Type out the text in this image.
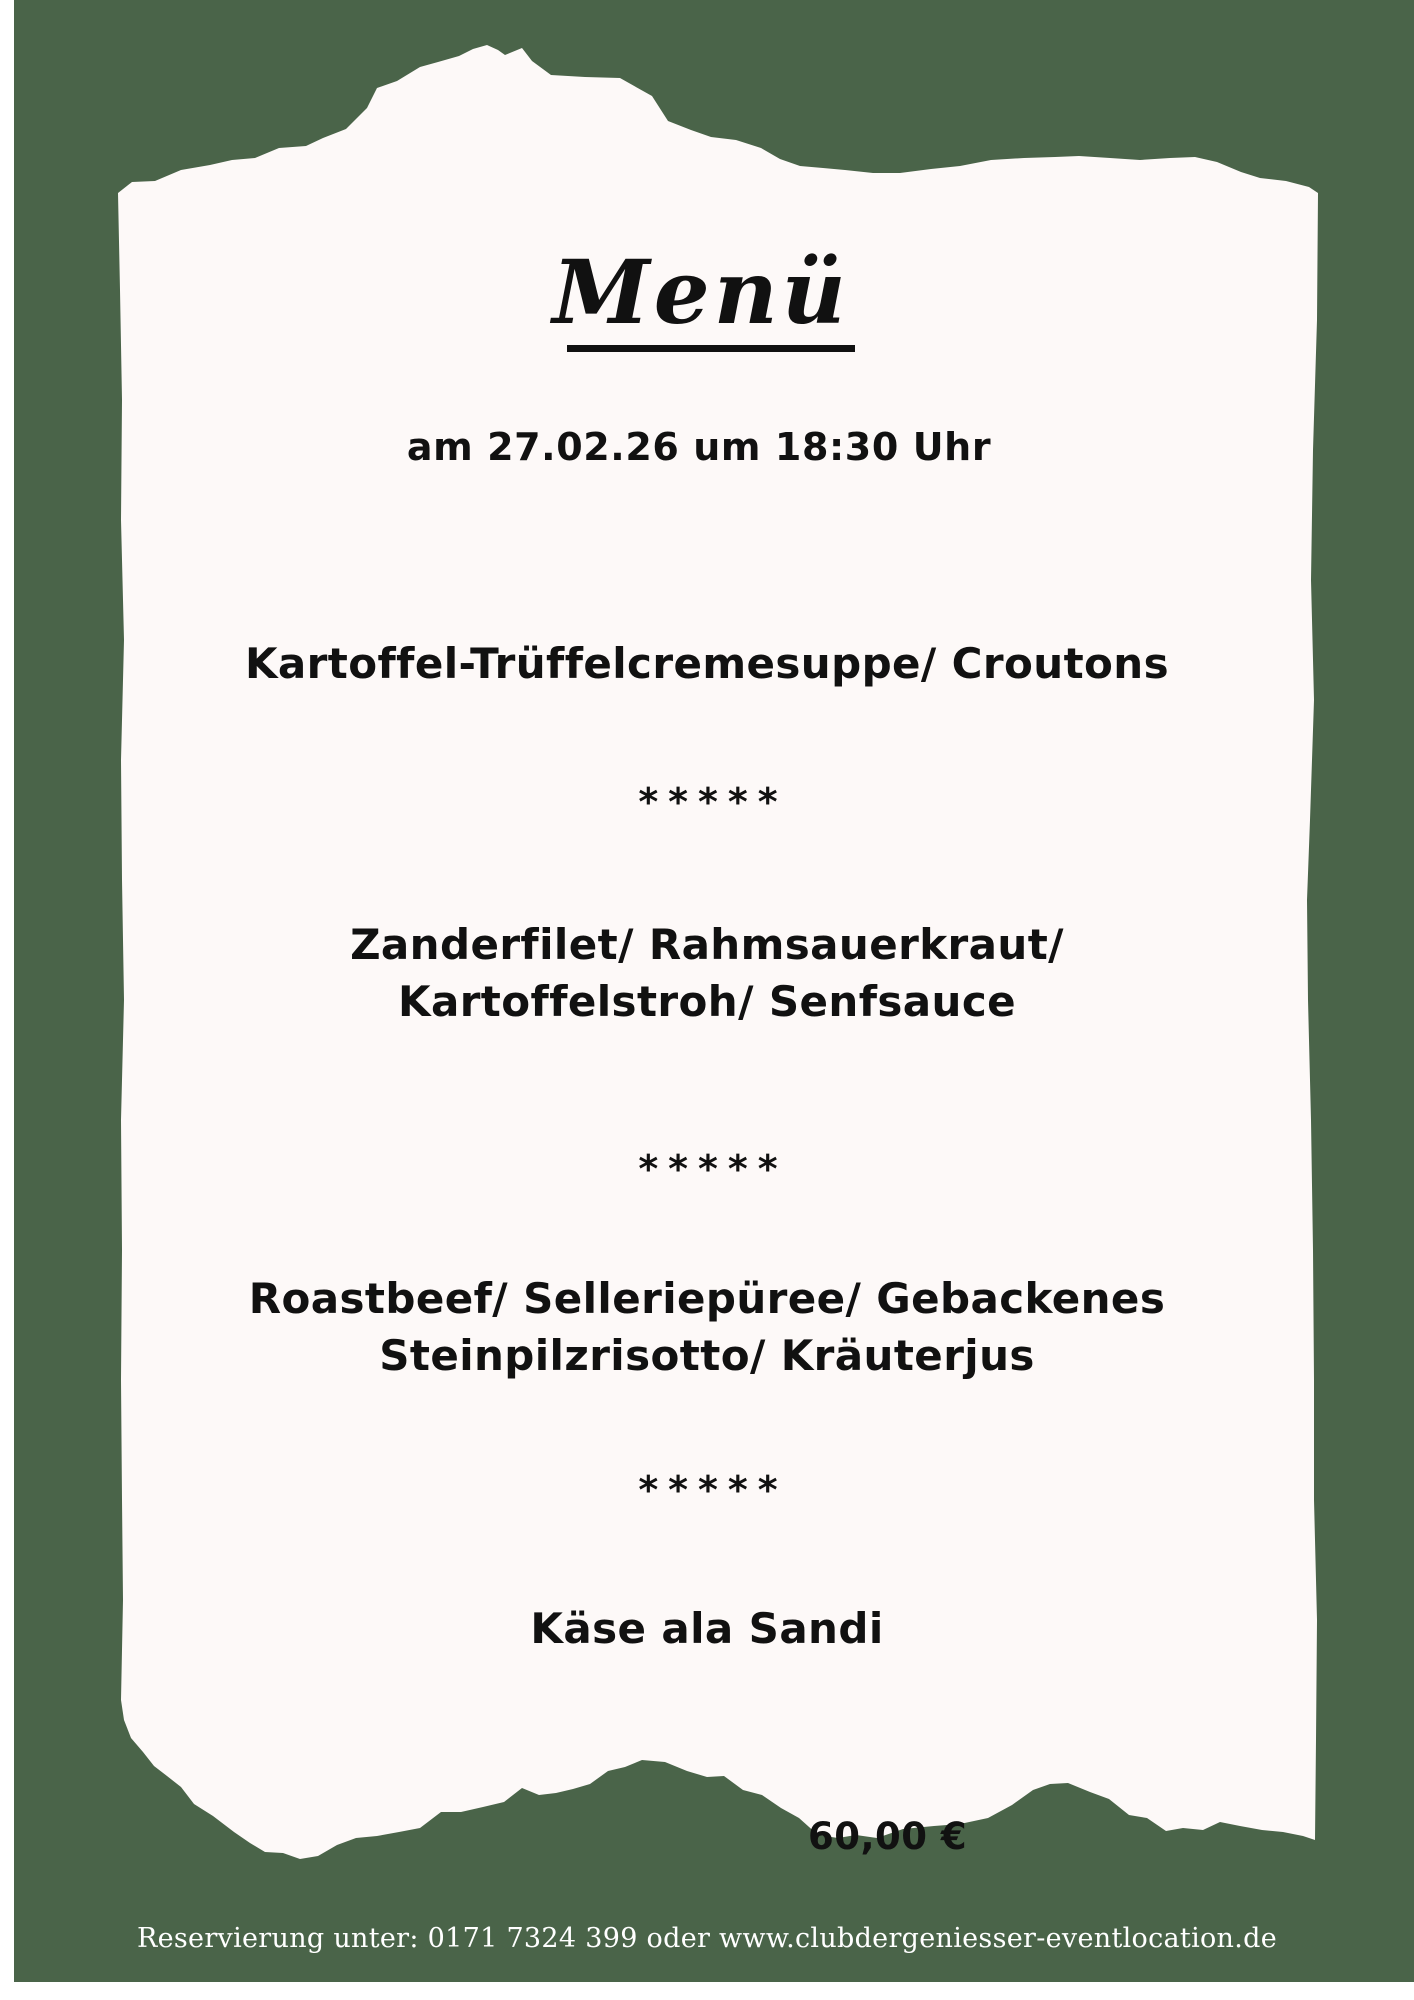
Menü
am 27.02.26 um 18:30 Uhr
Kartoffel-Trüffelcremesuppe/ Croutons
*****
Zanderfilet/ Rahmsauerkraut/
Kartoffelstroh/ Senfsauce
*****
Roastbeef/ Selleriepüree/ Gebackenes
Steinpilzrisotto/ Kräuterjus
*****
Käse ala Sandi
60,00 €
Reservierung unter: 0171 7324 399 oder www.clubdergeniesser-eventlocation.de
